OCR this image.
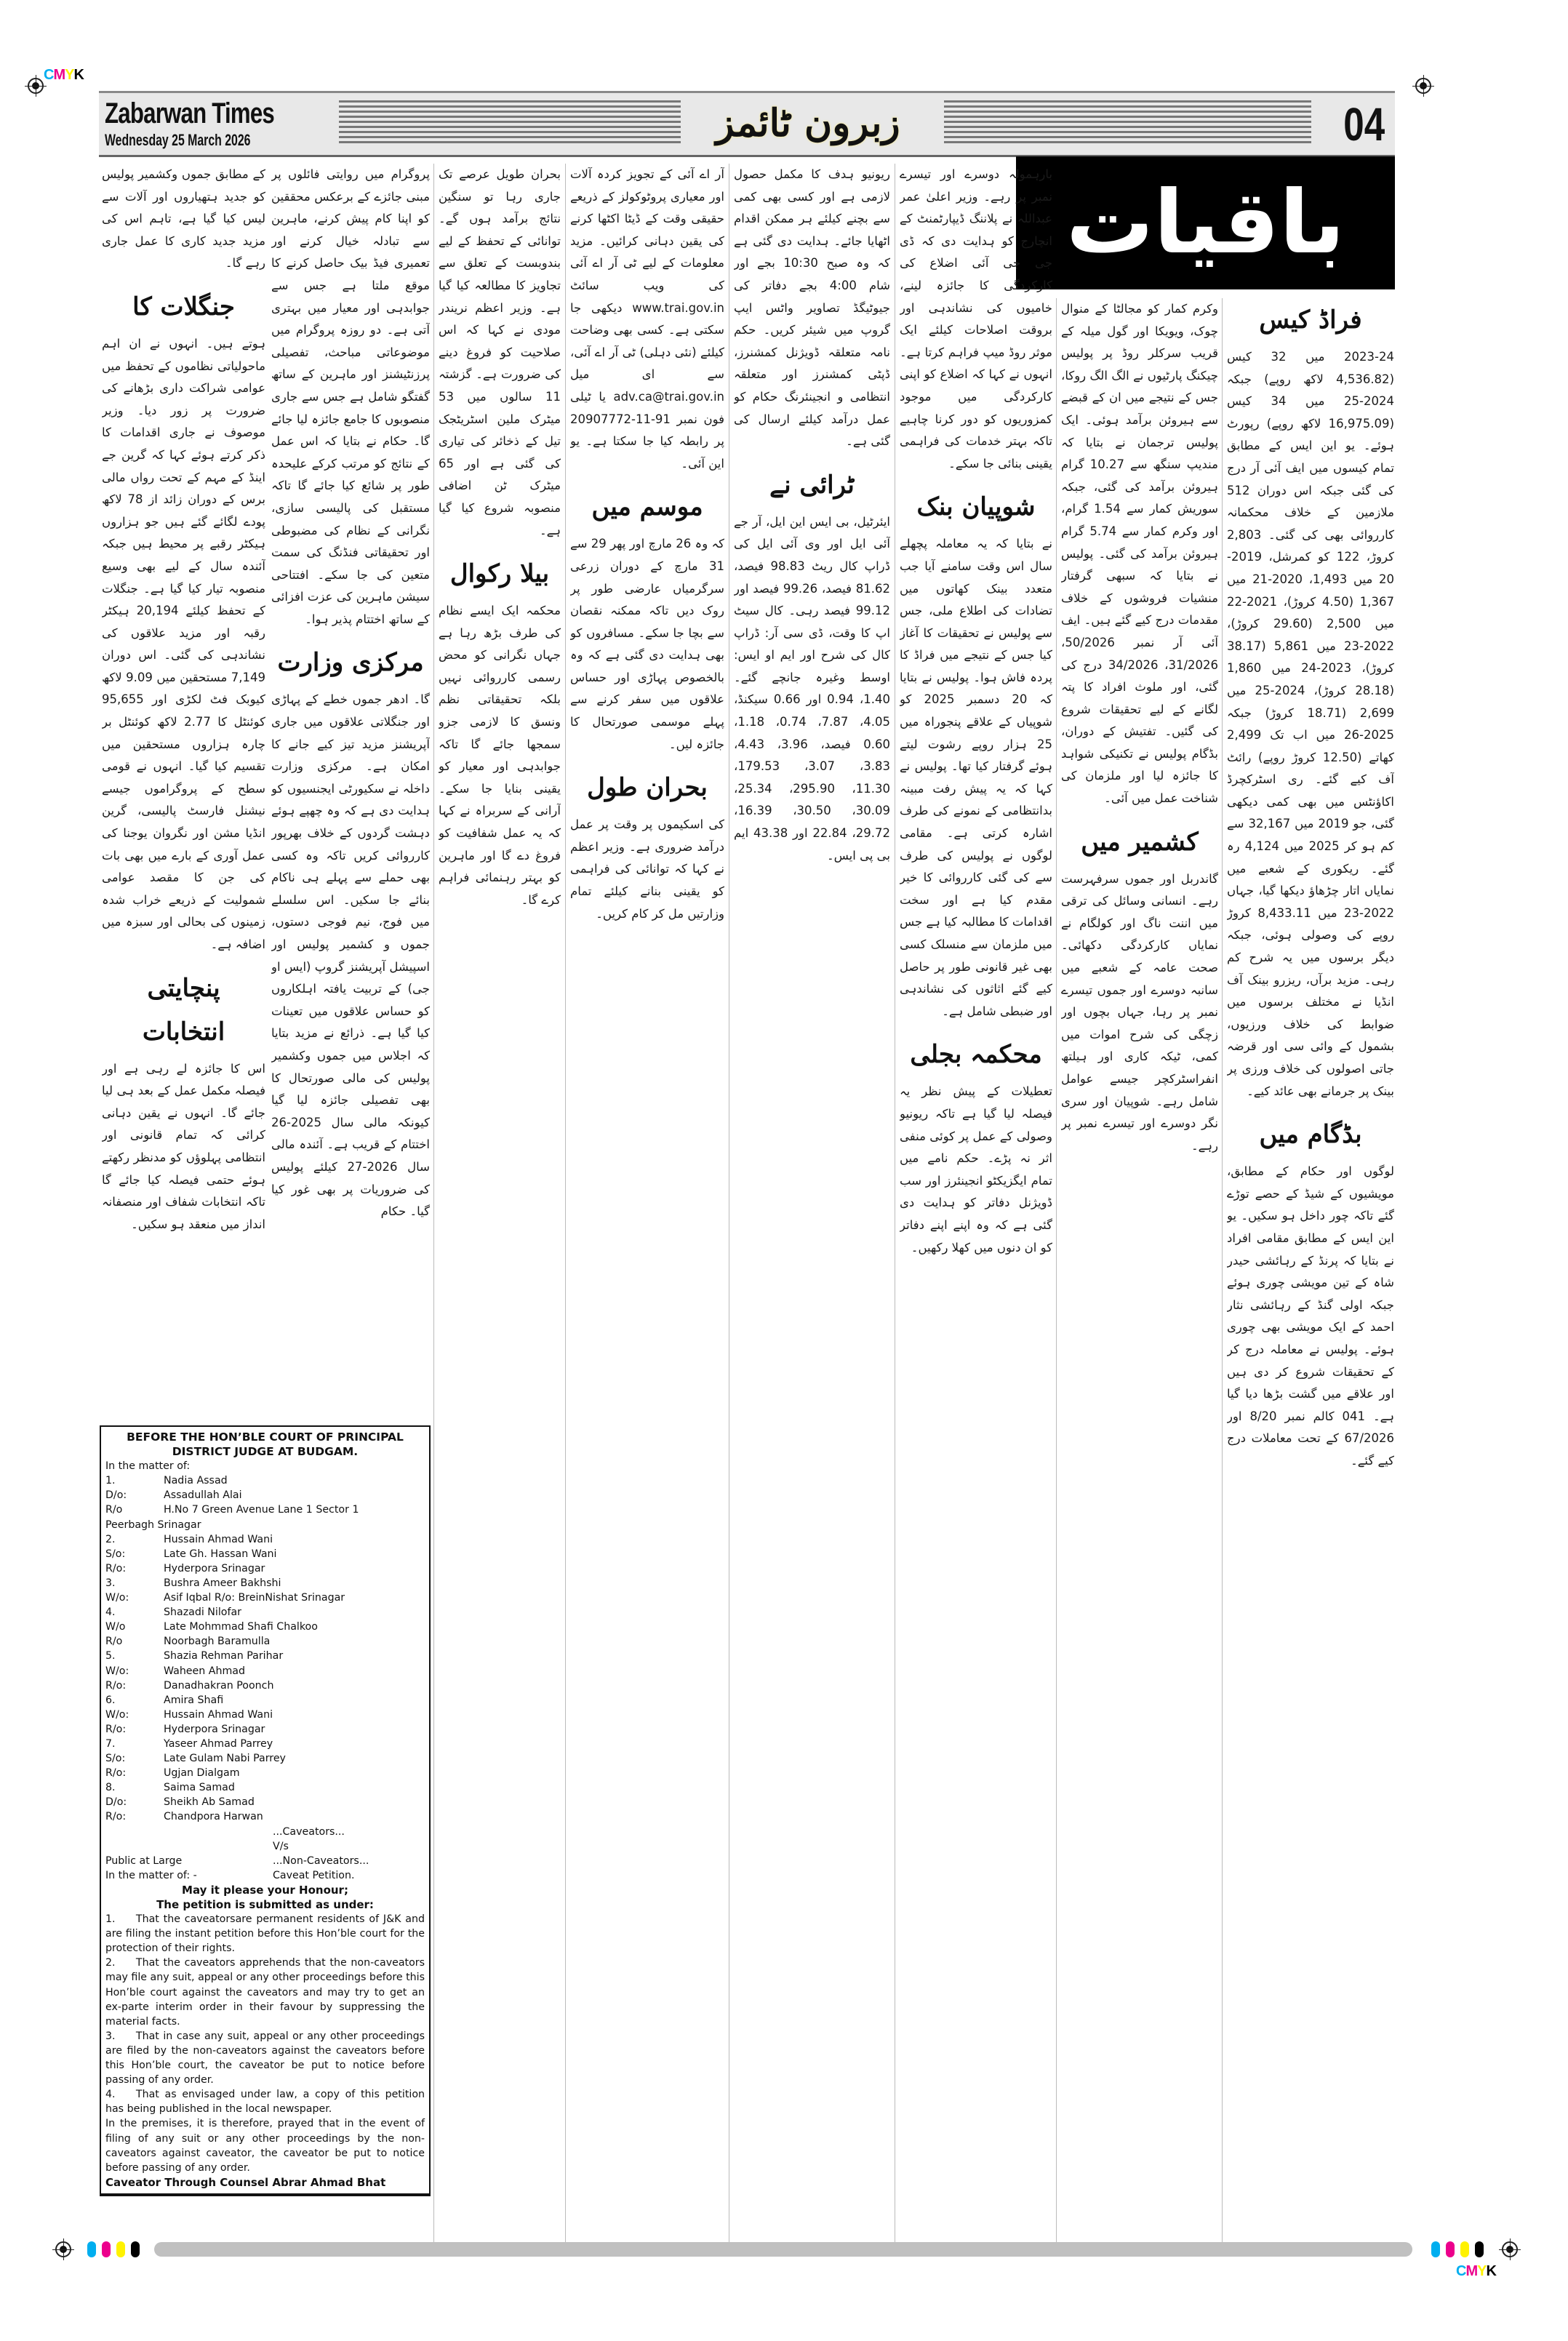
CMYK
Zabarwan Times
Wednesday 25 March 2026	زبرون ٹائمز	04
باقیات

کے مطابق جموں وکشمیر پولیس کو جدید ہتھیاروں اور آلات سے لیس کیا گیا ہے، تاہم اس کی مزید جدید کاری کا عمل جاری رہے گا۔

جنگلات کا

ہوتے ہیں۔ انہوں نے ان اہم ماحولیاتی نظاموں کے تحفظ میں عوامی شراکت داری بڑھانے کی ضرورت پر زور دیا۔ وزیر موصوف نے جاری اقدامات کا ذکر کرتے ہوئے کہا کہ گرین جے اینڈ کے مہم کے تحت رواں مالی برس کے دوران زائد از 78 لاکھ پودے لگائے گئے ہیں جو ہزاروں ہیکٹر رقبے پر محیط ہیں جبکہ آئندہ سال کے لیے بھی وسیع منصوبہ تیار کیا گیا ہے۔ جنگلات کے تحفظ کیلئے 20,194 ہیکٹر رقبہ اور مزید علاقوں کی نشاندہی کی گئی۔ اس دوران 7,149 مستحقین میں 9.09 لاکھ کیوبک فٹ لکڑی اور 95,655 کوئنٹل کا 2.77 لاکھ کوئنٹل بر چارہ ہزاروں مستحقین میں تقسیم کیا گیا۔ انہوں نے قومی سطح کے پروگراموں جیسے نیشنل فارسٹ پالیسی، گرین انڈیا مشن اور نگروان یوجنا کی عمل آوری کے بارے میں بھی بات کی جن کا مقصد عوامی شمولیت کے ذریعے خراب شدہ زمینوں کی بحالی اور سبزہ میں اضافہ ہے۔

پنچایتی انتخابات

اس کا جائزہ لے رہی ہے اور فیصلہ مکمل عمل کے بعد ہی لیا جائے گا۔ انہوں نے یقین دہانی کرائی کہ تمام قانونی اور انتظامی پہلوؤں کو مدنظر رکھتے ہوئے حتمی فیصلہ کیا جائے گا تاکہ انتخابات شفاف اور منصفانہ انداز میں منعقد ہو سکیں۔

پروگرام میں روایتی فائلوں پر مبنی جائزے کے برعکس محققین کو اپنا کام پیش کرنے، ماہرین سے تبادلہ خیال کرنے اور تعمیری فیڈ بیک حاصل کرنے کا موقع ملتا ہے جس سے جوابدہی اور معیار میں بہتری آتی ہے۔ دو روزہ پروگرام میں موضوعاتی مباحث، تفصیلی پرزنٹیشنز اور ماہرین کے ساتھ گفتگو شامل ہے جس سے جاری منصوبوں کا جامع جائزہ لیا جائے گا۔ حکام نے بتایا کہ اس عمل کے نتائج کو مرتب کرکے علیحدہ طور پر شائع کیا جائے گا تاکہ مستقبل کی پالیسی سازی، نگرانی کے نظام کی مضبوطی اور تحقیقاتی فنڈنگ کی سمت متعین کی جا سکے۔ افتتاحی سیشن ماہرین کی عزت افزائی کے ساتھ اختتام پذیر ہوا۔

مرکزی وزارت

گا۔ ادھر جموں خطے کے پہاڑی اور جنگلاتی علاقوں میں جاری آپریشنز مزید تیز کیے جانے کا امکان ہے۔ مرکزی وزارت داخلہ نے سکیورٹی ایجنسیوں کو ہدایت دی ہے کہ وہ چھپے ہوئے دہشت گردوں کے خلاف بھرپور کارروائی کریں تاکہ وہ کسی بھی حملے سے پہلے ہی ناکام بنائے جا سکیں۔ اس سلسلے میں فوج، نیم فوجی دستوں، جموں و کشمیر پولیس اور اسپیشل آپریشنز گروپ (ایس او جی) کے تربیت یافتہ اہلکاروں کو حساس علاقوں میں تعینات کیا گیا ہے۔ ذرائع نے مزید بتایا کہ اجلاس میں جموں وکشمیر پولیس کی مالی صورتحال کا بھی تفصیلی جائزہ لیا گیا کیونکہ مالی سال 2025-26 اختتام کے قریب ہے۔ آئندہ مالی سال 2026-27 کیلئے پولیس کی ضروریات پر بھی غور کیا گیا۔ حکام

بحران طویل عرصے تک جاری رہا تو سنگین نتائج برآمد ہوں گے۔ توانائی کے تحفظ کے لیے بندوبست کے تعلق سے تجاویز کا مطالعہ کیا گیا ہے۔ وزیر اعظم نریندر مودی نے کہا کہ اس صلاحیت کو فروغ دینے کی ضرورت ہے۔ گزشتہ 11 سالوں میں 53 میٹرک ملین اسٹریٹجک تیل کے ذخائر کی تیاری کی گئی ہے اور 65 میٹرک ٹن اضافی منصوبہ شروع کیا گیا ہے۔

بیلا رکوال

محکمہ ایک ایسے نظام کی طرف بڑھ رہا ہے جہاں نگرانی کو محض رسمی کارروائی نہیں بلکہ تحقیقاتی نظم ونسق کا لازمی جزو سمجھا جائے گا تاکہ جوابدہی اور معیار کو یقینی بنایا جا سکے۔ آرانی کے سربراہ نے کہا کہ یہ عمل شفافیت کو فروغ دے گا اور ماہرین کو بہتر رہنمائی فراہم کرے گا۔

آر اے آئی کے تجویز کردہ آلات اور معیاری پروٹوکولز کے ذریعے حقیقی وقت کے ڈیٹا اکٹھا کرنے کی یقین دہانی کرائیں۔ مزید معلومات کے لیے ٹی آر اے آئی کی ویب سائٹ www.trai.gov.in دیکھی جا سکتی ہے۔ کسی بھی وضاحت کیلئے (نئی دہلی) ٹی آر اے آئی، سے ای میل adv.ca@trai.gov.in یا ٹیلی فون نمبر 91-11-20907772 پر رابطہ کیا جا سکتا ہے۔ یو این آئی۔

موسم میں

کہ وہ 26 مارچ اور پھر 29 سے 31 مارچ کے دوران زرعی سرگرمیاں عارضی طور پر روک دیں تاکہ ممکنہ نقصان سے بچا جا سکے۔ مسافروں کو بھی ہدایت دی گئی ہے کہ وہ بالخصوص پہاڑی اور حساس علاقوں میں سفر کرنے سے پہلے موسمی صورتحال کا جائزہ لیں۔

بحران طول

کی اسکیموں پر وقت پر عمل درآمد ضروری ہے۔ وزیر اعظم نے کہا کہ توانائی کی فراہمی کو یقینی بنانے کیلئے تمام وزارتیں مل کر کام کریں۔

ریونیو ہدف کا مکمل حصول لازمی ہے اور کسی بھی کمی سے بچنے کیلئے ہر ممکن اقدام اٹھایا جائے۔ ہدایت دی گئی ہے کہ وہ صبح 10:30 بجے اور شام 4:00 بجے دفاتر کی جیوٹیگڈ تصاویر واٹس ایپ گروپ میں شیئر کریں۔ حکم نامہ متعلقہ ڈویژنل کمشنرز، ڈپٹی کمشنرز اور متعلقہ انتظامی و انجینئرنگ حکام کو عمل درآمد کیلئے ارسال کی گئی ہے۔

ٹرائی نے

ایئرٹیل، بی ایس این ایل، آر جے آئی ایل اور وی آئی ایل کی ڈراپ کال ریٹ 98.83 فیصد، 81.62 فیصد، 99.26 فیصد اور 99.12 فیصد رہی۔ کال سیٹ اپ کا وقت، ڈی سی آر: ڈراپ کال کی شرح اور ایم او ایس: اوسط وغیرہ جانچے گئے۔ 1.40، 0.94 اور 0.66 سیکنڈ، 4.05، 7.87، 0.74، 1.18، 0.60 فیصد، 3.96، 4.43، 3.83، 3.07، 179.53، 11.30، 295.90، 25.34، 30.09، 30.50، 16.39، 29.72، 22.84 اور 43.38 ایم بی پی ایس۔

بارہمولہ دوسرے اور تیسرے نمبر پر رہے۔ وزیر اعلیٰ عمر عبداللہ نے پلاننگ ڈیپارٹمنٹ کے انچارج کو ہدایت دی کہ ڈی جی جی آئی اضلاع کی کارکردگی کا جائزہ لینے، خامیوں کی نشاندہی اور بروقت اصلاحات کیلئے ایک موثر روڈ میپ فراہم کرتا ہے۔ انہوں نے کہا کہ اضلاع کو اپنی کارکردگی میں موجود کمزوریوں کو دور کرنا چاہیے تاکہ بہتر خدمات کی فراہمی یقینی بنائی جا سکے۔

شوپیان بنک

نے بتایا کہ یہ معاملہ پچھلے سال اس وقت سامنے آیا جب متعدد بینک کھاتوں میں تضادات کی اطلاع ملی، جس سے پولیس نے تحقیقات کا آغاز کیا جس کے نتیجے میں فراڈ کا پردہ فاش ہوا۔ پولیس نے بتایا کہ 20 دسمبر 2025 کو شوپیاں کے علاقے پنجوراہ میں 25 ہزار روپے رشوت لیتے ہوئے گرفتار کیا تھا۔ پولیس نے کہا کہ یہ پیش رفت مبینہ بدانتظامی کے نمونے کی طرف اشارہ کرتی ہے۔ مقامی لوگوں نے پولیس کی طرف سے کی گئی کارروائی کا خیر مقدم کیا ہے اور سخت اقدامات کا مطالبہ کیا ہے جس میں ملزمان سے منسلک کسی بھی غیر قانونی طور پر حاصل کیے گئے اثاثوں کی نشاندہی اور ضبطی شامل ہے۔

محکمہ بجلی

تعطیلات کے پیش نظر یہ فیصلہ لیا گیا ہے تاکہ ریونیو وصولی کے عمل پر کوئی منفی اثر نہ پڑے۔ حکم نامے میں تمام ایگزیکٹو انجینئرز اور سب ڈویژنل دفاتر کو ہدایت دی گئی ہے کہ وہ اپنے اپنے دفاتر کو ان دنوں میں کھلا رکھیں۔

وکرم کمار کو مجالٹا کے منوال چوک، ویویکا اور گول میلہ کے قریب سرکلر روڈ پر پولیس چیکنگ پارٹیوں نے الگ الگ روکا، جس کے نتیجے میں ان کے قبضے سے ہیروئن برآمد ہوئی۔ ایک پولیس ترجمان نے بتایا کہ مندیپ سنگھ سے 10.27 گرام ہیروئن برآمد کی گئی، جبکہ سوریش کمار سے 1.54 گرام، اور وکرم کمار سے 5.74 گرام ہیروئن برآمد کی گئی۔ پولیس نے بتایا کہ سبھی گرفتار منشیات فروشوں کے خلاف مقدمات درج کیے گئے ہیں۔ ایف آئی آر نمبر 50/2026، 31/2026، 34/2026 درج کی گئی، اور ملوث افراد کا پتہ لگانے کے لیے تحقیقات شروع کی گئیں۔ تفتیش کے دوران، بڈگام پولیس نے تکنیکی شواہد کا جائزہ لیا اور ملزمان کی شناخت عمل میں آئی۔

کشمیر میں

گاندربل اور جموں سرفہرست رہے۔ انسانی وسائل کی ترقی میں اننت ناگ اور کولگام نے نمایاں کارکردگی دکھائی۔ صحت عامہ کے شعبے میں سانبہ دوسرے اور جموں تیسرے نمبر پر رہا، جہاں بچوں اور زچگی کی شرح اموات میں کمی، ٹیکہ کاری اور ہیلتھ انفراسٹرکچر جیسے عوامل شامل رہے۔ شوپیان اور سری نگر دوسرے اور تیسرے نمبر پر رہے۔

فراڈ کیس

2023-24 میں 32 کیس (4,536.82 لاکھ روپے) جبکہ 2024-25 میں 34 کیس (16,975.09 لاکھ روپے) رپورٹ ہوئے۔ یو این ایس کے مطابق تمام کیسوں میں ایف آئی آر درج کی گئی جبکہ اس دوران 512 ملازمین کے خلاف محکمانہ کارروائی بھی کی گئی۔ 2,803 کروڑ، 122 کو کمرشل، 2019-20 میں 1,493، 2020-21 میں 1,367 (4.50 کروڑ)، 2021-22 میں 2,500 (29.60 کروڑ)، 2022-23 میں 5,861 (38.17 کروڑ)، 2023-24 میں 1,860 (28.18 کروڑ)، 2024-25 میں 2,699 (18.71 کروڑ) جبکہ 2025-26 میں اب تک 2,499 کھاتے (12.50 کروڑ روپے) رائٹ آف کیے گئے۔ ری اسٹرکچرڈ اکاؤنٹس میں بھی کمی دیکھی گئی، جو 2019 میں 32,167 سے کم ہو کر 2025 میں 4,124 رہ گئے۔ ریکوری کے شعبے میں نمایاں اتار چڑھاؤ دیکھا گیا، جہاں 2022-23 میں 8,433.11 کروڑ روپے کی وصولی ہوئی، جبکہ دیگر برسوں میں یہ شرح کم رہی۔ مزید برآں، ریزرو بینک آف انڈیا نے مختلف برسوں میں ضوابط کی خلاف ورزیوں، بشمول کے وائی سی اور قرضہ جاتی اصولوں کی خلاف ورزی پر بینک پر جرمانے بھی عائد کیے۔

بڈگام میں

لوگوں اور حکام کے مطابق، مویشیوں کے شیڈ کے حصے توڑے گئے تاکہ چور داخل ہو سکیں۔ یو این ایس کے مطابق مقامی افراد نے بتایا کہ پرنڈ کے رہائشی حیدر شاہ کے تین مویشی چوری ہوئے جبکہ اولی گنڈ کے رہائشی نثار احمد کے ایک مویشی بھی چوری ہوئے۔ پولیس نے معاملہ درج کر کے تحقیقات شروع کر دی ہیں اور علاقے میں گشت بڑھا دیا گیا ہے۔ 041 کالم نمبر 8/20 اور 67/2026 کے تحت معاملات درج کیے گئے۔

BEFORE THE HON’BLE COURT OF PRINCIPAL
DISTRICT JUDGE AT BUDGAM.
In the matter of:
1.	Nadia Assad
D/o:	Assadullah Alai
R/o	H.No 7 Green Avenue Lane 1 Sector 1
Peerbagh Srinagar
2.	Hussain Ahmad Wani
S/o:	Late Gh. Hassan Wani
R/o:	Hyderpora Srinagar
3.	Bushra Ameer Bakhshi
W/o:	Asif Iqbal R/o: BreinNishat Srinagar
4.	Shazadi Nilofar
W/o	Late Mohmmad Shafi Chalkoo
R/o	Noorbagh Baramulla
5.	Shazia Rehman Parihar
W/o:	Waheen Ahmad
R/o:	Danadhakran Poonch
6.	Amira Shafi
W/o:	Hussain Ahmad Wani
R/o:	Hyderpora Srinagar
7.	Yaseer Ahmad Parrey
S/o:	Late Gulam Nabi Parrey
R/o:	Ugjan Dialgam
8.	Saima Samad
D/o:	Sheikh Ab Samad
R/o:	Chandpora Harwan
...Caveators...
V/s
Public at Large	...Non-Caveators...
In the matter of: -	Caveat Petition.
May it please your Honour;
The petition is submitted as under:
1.  That the caveatorsare permanent residents of J&K and are filing the instant petition before this Hon’ble court for the protection of their rights.
2.  That the caveators apprehends that the non-caveators may file any suit, appeal or any other proceedings before this Hon’ble court against the caveators and may try to get an ex-parte interim order in their favour by suppressing the material facts.
3.  That in case any suit, appeal or any other proceedings are filed by the non-caveators against the caveators before this Hon’ble court, the caveator be put to notice before passing of any order.
4.  That as envisaged under law, a copy of this petition has being published in the local newspaper.
In the premises, it is therefore, prayed that in the event of filing of any suit or any other proceedings by the non-caveators against caveator, the caveator be put to notice before passing of any order.
Caveator Through Counsel Abrar Ahmad Bhat
CMYK
